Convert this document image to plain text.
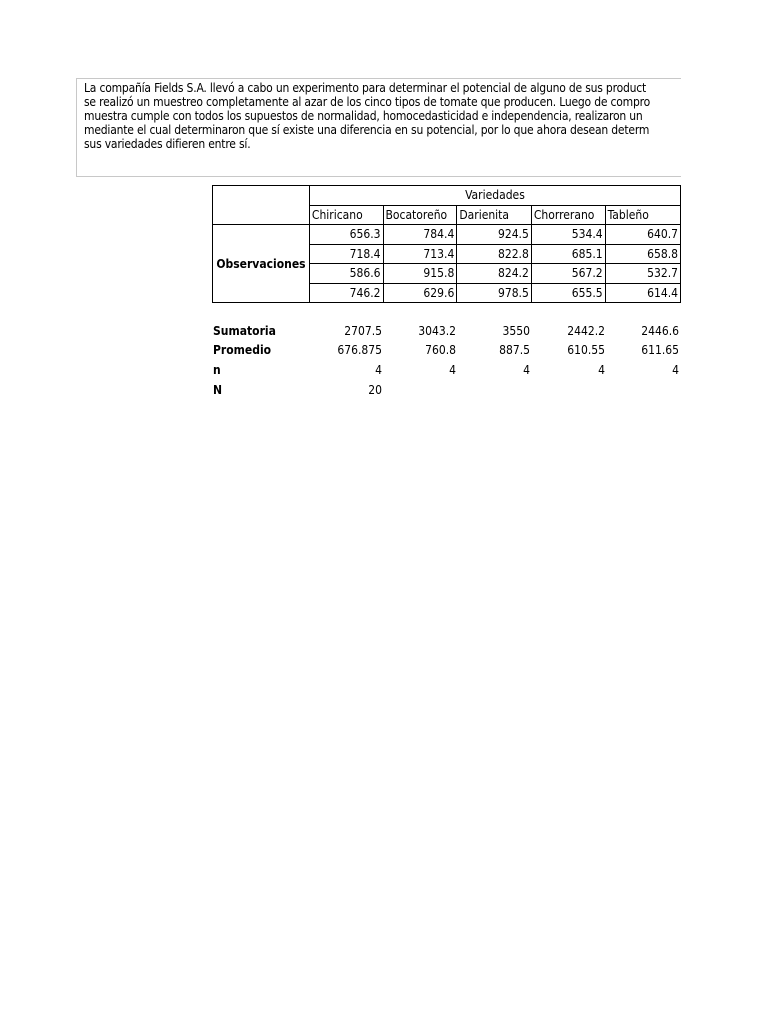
La compañía Fields S.A. llevó a cabo un experimento para determinar el potencial de alguno de sus product
se realizó un muestreo completamente al azar de los cinco tipos de tomate que producen. Luego de compro
muestra cumple con todos los supuestos de normalidad, homocedasticidad e independencia, realizaron un
mediante el cual determinaron que sí existe una diferencia en su potencial, por lo que ahora desean determ
sus variedades difieren entre sí.
	Variedades				
	Chiricano	Bocatoreño	Darienita	Chorrerano	Tableño
Observaciones	656.3	784.4	924.5	534.4	640.7
	718.4	713.4	822.8	685.1	658.8
	586.6	915.8	824.2	567.2	532.7
	746.2	629.6	978.5	655.5	614.4
Sumatoria	2707.5	3043.2	3550	2442.2	2446.6
Promedio	676.875	760.8	887.5	610.55	611.65
n	4	4	4	4	4
N	20
